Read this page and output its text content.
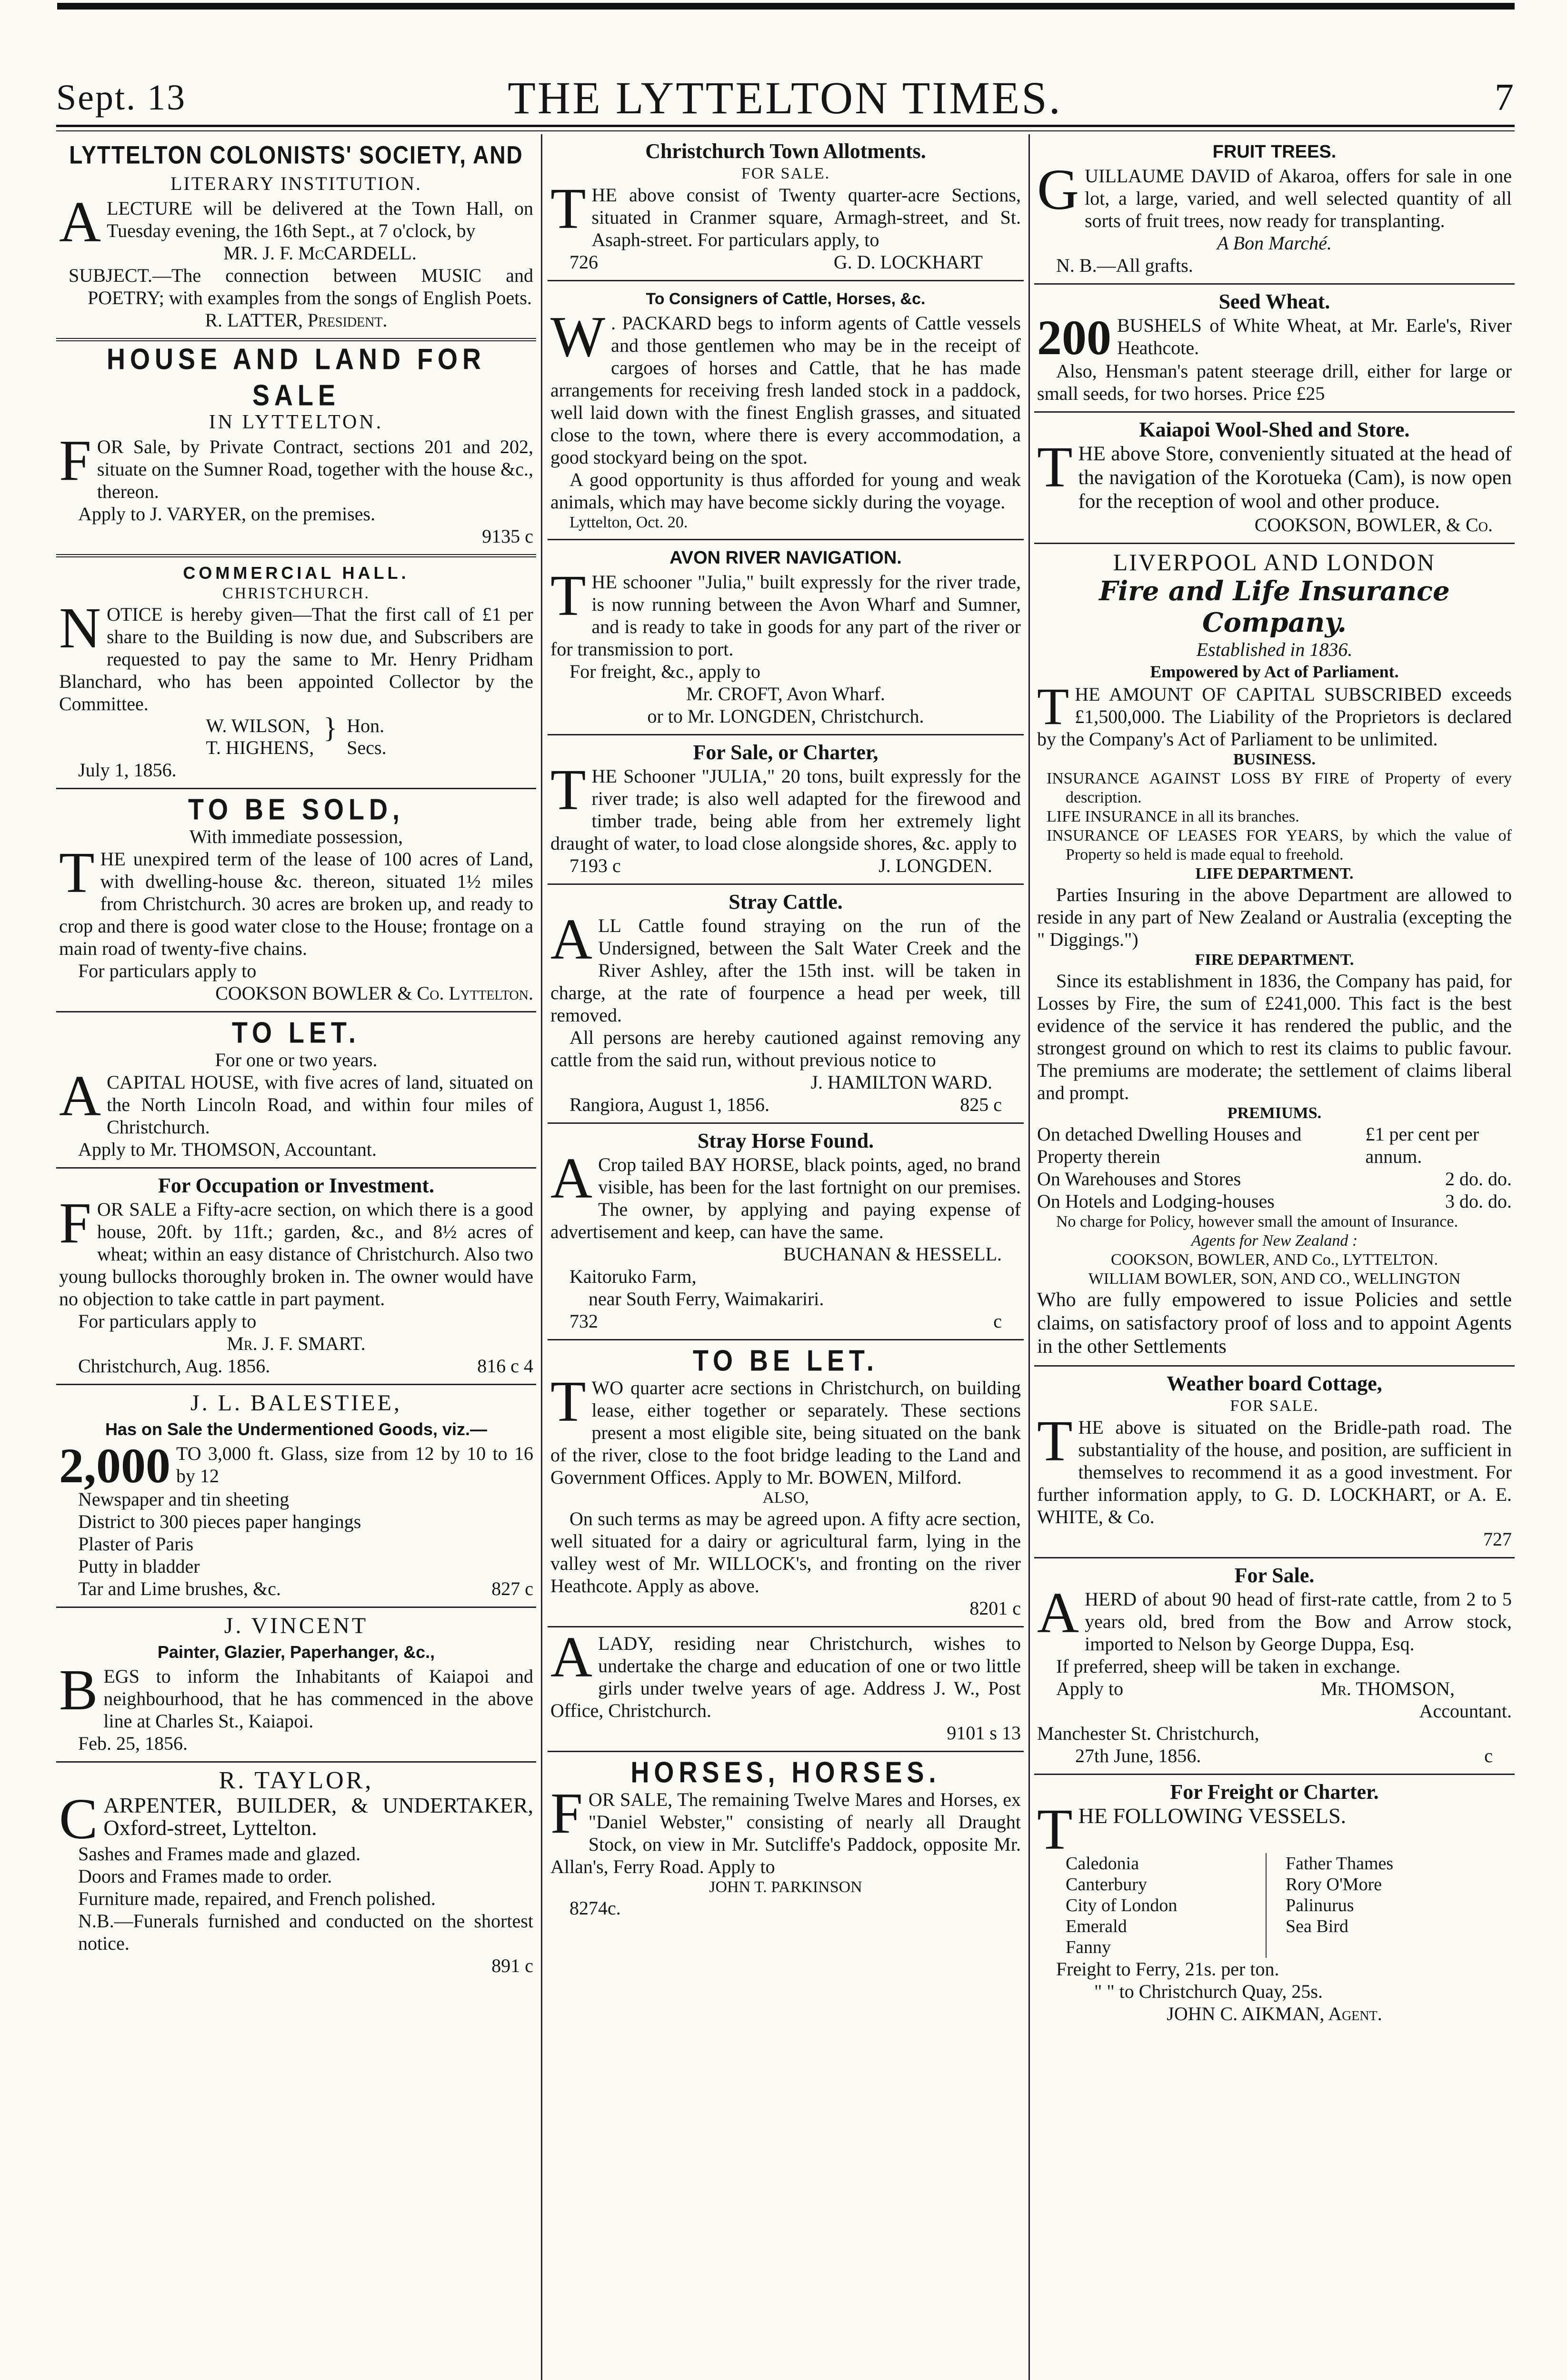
Sept. 13	THE LYTTELTON TIMES.	7
LYTTELTON COLONISTS' SOCIETY, AND
LITERARY INSTITUTION.
ALECTURE will be delivered at the Town Hall, on Tuesday evening, the 16th Sept., at 7 o'clock, by
MR. J. F. McCARDELL.
SUBJECT.—The connection between MUSIC and POETRY; with examples from the songs of English Poets.
R. LATTER, President.
HOUSE AND LAND FOR SALE
IN LYTTELTON.
FOR Sale, by Private Contract, sections 201 and 202, situate on the Sumner Road, together with the house &c., thereon.
Apply to J. VARYER, on the premises.
9135 c
COMMERCIAL HALL.
CHRISTCHURCH.
NOTICE is hereby given—That the first call of £1 per share to the Building is now due, and Subscribers are requested to pay the same to Mr. Henry Pridham Blanchard, who has been appointed Collector by the Committee.
W. WILSON,
T. HIGHENS,
} Hon.
Secs.
July 1, 1856.
TO BE SOLD,
With immediate possession,
THE unexpired term of the lease of 100 acres of Land, with dwelling-house &c. thereon, situated 1½ miles from Christchurch. 30 acres are broken up, and ready to crop and there is good water close to the House; frontage on a main road of twenty-five chains.
For particulars apply to
COOKSON BOWLER & Co. Lyttelton.
TO LET.
For one or two years.
ACAPITAL HOUSE, with five acres of land, situated on the North Lincoln Road, and within four miles of Christchurch.
Apply to Mr. THOMSON, Accountant.
For Occupation or Investment.
FOR SALE a Fifty-acre section, on which there is a good house, 20ft. by 11ft.; garden, &c., and 8½ acres of wheat; within an easy distance of Christchurch. Also two young bullocks thoroughly broken in. The owner would have no objection to take cattle in part payment.
For particulars apply to
Mr. J. F. SMART.
Christchurch, Aug. 1856.	816 c 4
J. L. BALESTIEE,
Has on Sale the Undermentioned Goods, viz.—
2,000 TO 3,000 ft. Glass, size from 12 by 10 to 16 by 12
Newspaper and tin sheeting
District to 300 pieces paper hangings
Plaster of Paris
Putty in bladder
Tar and Lime brushes, &c.	827 c
J. VINCENT
Painter, Glazier, Paperhanger, &c.,
BEGS to inform the Inhabitants of Kaiapoi and neighbourhood, that he has commenced in the above line at Charles St., Kaiapoi.
Feb. 25, 1856.
R. TAYLOR,
CARPENTER, BUILDER, & UNDERTAKER, Oxford-street, Lyttelton.
Sashes and Frames made and glazed.
Doors and Frames made to order.
Furniture made, repaired, and French polished.
N.B.—Funerals furnished and conducted on the shortest notice.
891 c
Christchurch Town Allotments.
FOR SALE.
THE above consist of Twenty quarter-acre Sections, situated in Cranmer square, Armagh-street, and St. Asaph-street. For particulars apply, to
726	G. D. LOCKHART
To Consigners of Cattle, Horses, &c.
W . PACKARD begs to inform agents of Cattle vessels and those gentlemen who may be in the receipt of cargoes of horses and Cattle, that he has made arrangements for receiving fresh landed stock in a paddock, well laid down with the finest English grasses, and situated close to the town, where there is every accommodation, a good stockyard being on the spot.
A good opportunity is thus afforded for young and weak animals, which may have become sickly during the voyage.
Lyttelton, Oct. 20.
AVON RIVER NAVIGATION.
THE schooner "Julia," built expressly for the river trade, is now running between the Avon Wharf and Sumner, and is ready to take in goods for any part of the river or for transmission to port.
For freight, &c., apply to
Mr. CROFT, Avon Wharf.
or to Mr. LONGDEN, Christchurch.
For Sale, or Charter,
THE Schooner "JULIA," 20 tons, built expressly for the river trade; is also well adapted for the firewood and timber trade, being able from her extremely light draught of water, to load close alongside shores, &c. apply to
7193 c	J. LONGDEN.
Stray Cattle.
ALL Cattle found straying on the run of the Undersigned, between the Salt Water Creek and the River Ashley, after the 15th inst. will be taken in charge, at the rate of fourpence a head per week, till removed.
All persons are hereby cautioned against removing any cattle from the said run, without previous notice to
J. HAMILTON WARD.
Rangiora, August 1, 1856.	825 c
Stray Horse Found.
A Crop tailed BAY HORSE, black points, aged, no brand visible, has been for the last fortnight on our premises. The owner, by applying and paying expense of advertisement and keep, can have the same.
BUCHANAN & HESSELL.
Kaitoruko Farm,
near South Ferry, Waimakariri.
732	c
TO BE LET.
TWO quarter acre sections in Christchurch, on building lease, either together or separately. These sections present a most eligible site, being situated on the bank of the river, close to the foot bridge leading to the Land and Government Offices. Apply to Mr. BOWEN, Milford.
ALSO,
On such terms as may be agreed upon. A fifty acre section, well situated for a dairy or agricultural farm, lying in the valley west of Mr. WILLOCK's, and fronting on the river Heathcote. Apply as above.
8201 c
ALADY, residing near Christchurch, wishes to undertake the charge and education of one or two little girls under twelve years of age. Address J. W., Post Office, Christchurch.
9101 s 13
HORSES, HORSES.
FOR SALE, The remaining Twelve Mares and Horses, ex "Daniel Webster," consisting of nearly all Draught Stock, on view in Mr. Sutcliffe's Paddock, opposite Mr. Allan's, Ferry Road. Apply to
JOHN T. PARKINSON
8274c.
FRUIT TREES.
GUILLAUME DAVID of Akaroa, offers for sale in one lot, a large, varied, and well selected quantity of all sorts of fruit trees, now ready for transplanting.
A Bon Marché.
N. B.—All grafts.
Seed Wheat.
200 BUSHELS of White Wheat, at Mr. Earle's, River Heathcote.
Also, Hensman's patent steerage drill, either for large or small seeds, for two horses. Price £25
Kaiapoi Wool-Shed and Store.
THE above Store, conveniently situated at the head of the navigation of the Korotueka (Cam), is now open for the reception of wool and other produce.
COOKSON, BOWLER, & Co.
LIVERPOOL AND LONDON
Fire and Life Insurance Company.
Established in 1836.
Empowered by Act of Parliament.
THE AMOUNT OF CAPITAL SUBSCRIBED exceeds £1,500,000. The Liability of the Proprietors is declared by the Company's Act of Parliament to be unlimited.
BUSINESS.
INSURANCE AGAINST LOSS BY FIRE of Property of every description.
LIFE INSURANCE in all its branches.
INSURANCE OF LEASES FOR YEARS, by which the value of Property so held is made equal to freehold.
LIFE DEPARTMENT.
Parties Insuring in the above Department are allowed to reside in any part of New Zealand or Australia (excepting the " Diggings.")
FIRE DEPARTMENT.
Since its establishment in 1836, the Company has paid, for Losses by Fire, the sum of £241,000. This fact is the best evidence of the service it has rendered the public, and the strongest ground on which to rest its claims to public favour. The premiums are moderate; the settlement of claims liberal and prompt.
PREMIUMS.
On detached Dwelling Houses and Property therein
£1 per cent per annum.
On Warehouses and Stores	2 do. do.
On Hotels and Lodging-houses	3 do. do.
No charge for Policy, however small the amount of Insurance.
Agents for New Zealand :
COOKSON, BOWLER, AND Co., LYTTELTON.
WILLIAM BOWLER, SON, AND CO., WELLINGTON
Who are fully empowered to issue Policies and settle claims, on satisfactory proof of loss and to appoint Agents in the other Settlements
Weather board Cottage,
FOR SALE.
THE above is situated on the Bridle-path road. The substantiality of the house, and position, are sufficient in themselves to recommend it as a good investment. For further information apply, to G. D. LOCKHART, or A. E. WHITE, & Co.
727
For Sale.
AHERD of about 90 head of first-rate cattle, from 2 to 5 years old, bred from the Bow and Arrow stock, imported to Nelson by George Duppa, Esq.
If preferred, sheep will be taken in exchange.
Apply to	Mr. THOMSON,
Accountant.
Manchester St. Christchurch,
27th June, 1856.	c
For Freight or Charter.
THE FOLLOWING VESSELS.
Caledonia
Canterbury
City of London
Emerald
Fanny
Father Thames
Rory O'More
Palinurus
Sea Bird
Freight to Ferry, 21s. per ton.
" " to Christchurch Quay, 25s.
JOHN C. AIKMAN, Agent.
